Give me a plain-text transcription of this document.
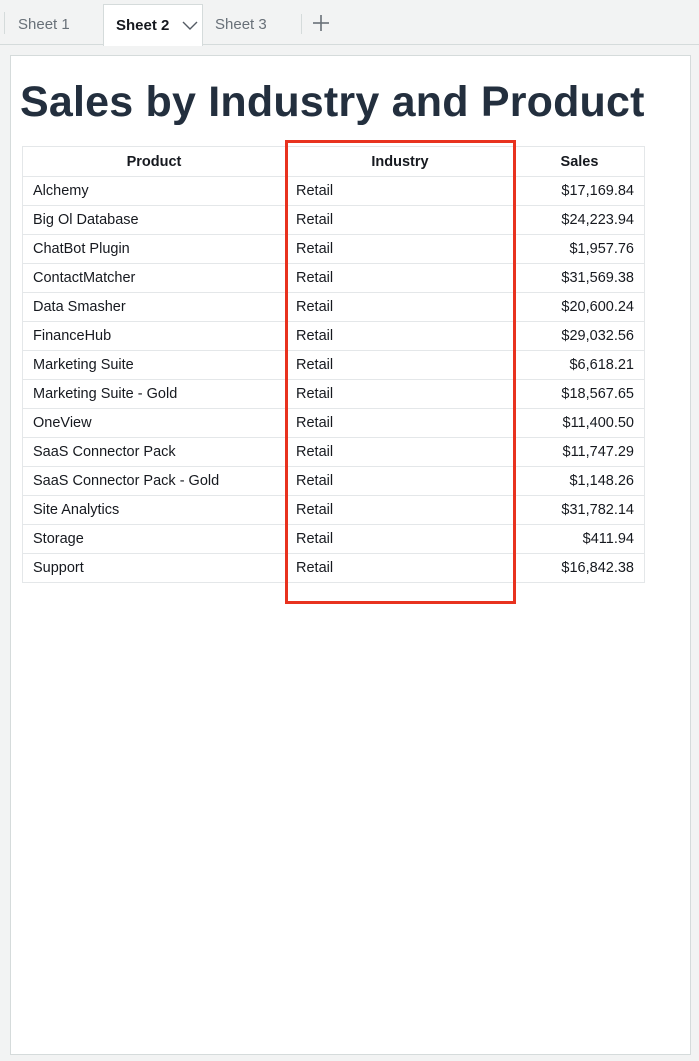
Sheet 1	Sheet 2	Sheet 3
Sales by Industry and Product
Product	Industry	Sales
Alchemy	Retail	$17,169.84
Big Ol Database	Retail	$24,223.94
ChatBot Plugin	Retail	$1,957.76
ContactMatcher	Retail	$31,569.38
Data Smasher	Retail	$20,600.24
FinanceHub	Retail	$29,032.56
Marketing Suite	Retail	$6,618.21
Marketing Suite - Gold	Retail	$18,567.65
OneView	Retail	$11,400.50
SaaS Connector Pack	Retail	$11,747.29
SaaS Connector Pack - Gold	Retail	$1,148.26
Site Analytics	Retail	$31,782.14
Storage	Retail	$411.94
Support	Retail	$16,842.38
